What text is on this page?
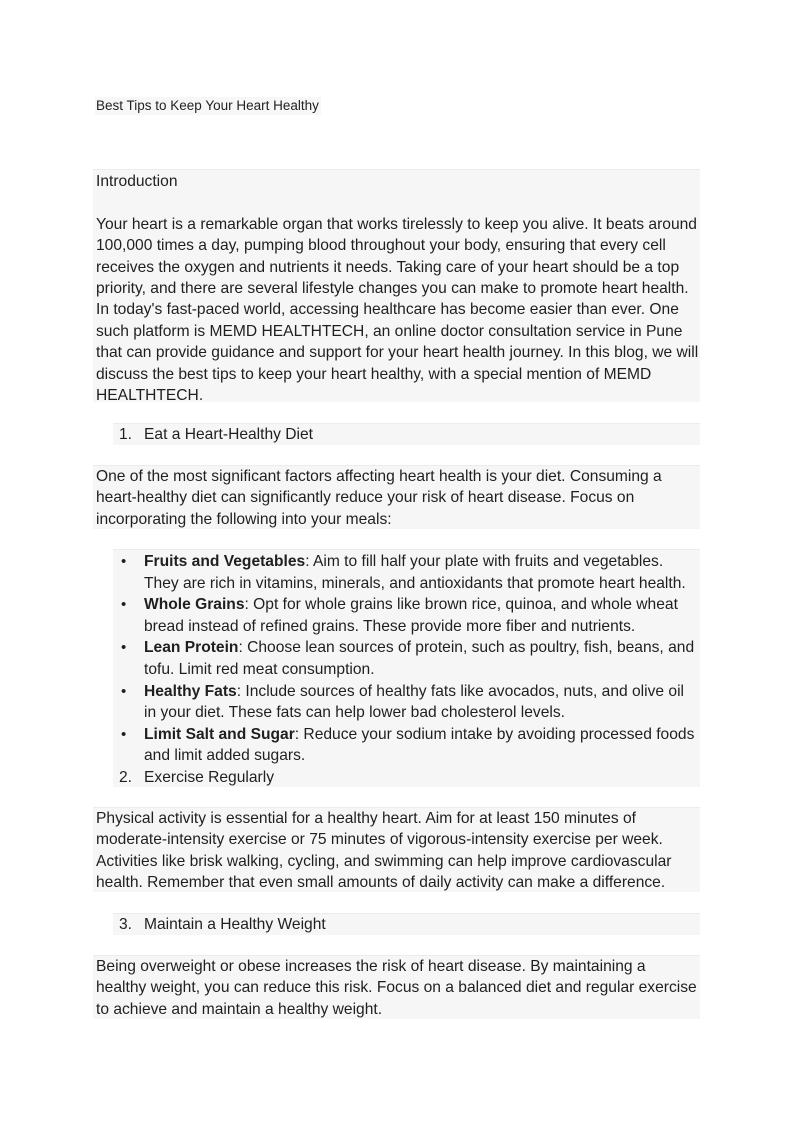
Best Tips to Keep Your Heart Healthy
Introduction

Your heart is a remarkable organ that works tirelessly to keep you alive. It beats around 100,000 times a day, pumping blood throughout your body, ensuring that every cell receives the oxygen and nutrients it needs. Taking care of your heart should be a top priority, and there are several lifestyle changes you can make to promote heart health. In today's fast-paced world, accessing healthcare has become easier than ever. One such platform is MEMD HEALTHTECH, an online doctor consultation service in Pune that can provide guidance and support for your heart health journey. In this blog, we will discuss the best tips to keep your heart healthy, with a special mention of MEMD HEALTHTECH.

1. Eat a Heart-Healthy Diet

One of the most significant factors affecting heart health is your diet. Consuming a heart-healthy diet can significantly reduce your risk of heart disease. Focus on incorporating the following into your meals:

• Fruits and Vegetables: Aim to fill half your plate with fruits and vegetables. They are rich in vitamins, minerals, and antioxidants that promote heart health.
• Whole Grains: Opt for whole grains like brown rice, quinoa, and whole wheat bread instead of refined grains. These provide more fiber and nutrients.
• Lean Protein: Choose lean sources of protein, such as poultry, fish, beans, and tofu. Limit red meat consumption.
• Healthy Fats: Include sources of healthy fats like avocados, nuts, and olive oil in your diet. These fats can help lower bad cholesterol levels.
• Limit Salt and Sugar: Reduce your sodium intake by avoiding processed foods and limit added sugars.
2. Exercise Regularly

Physical activity is essential for a healthy heart. Aim for at least 150 minutes of moderate-intensity exercise or 75 minutes of vigorous-intensity exercise per week. Activities like brisk walking, cycling, and swimming can help improve cardiovascular health. Remember that even small amounts of daily activity can make a difference.

3. Maintain a Healthy Weight

Being overweight or obese increases the risk of heart disease. By maintaining a healthy weight, you can reduce this risk. Focus on a balanced diet and regular exercise to achieve and maintain a healthy weight.
